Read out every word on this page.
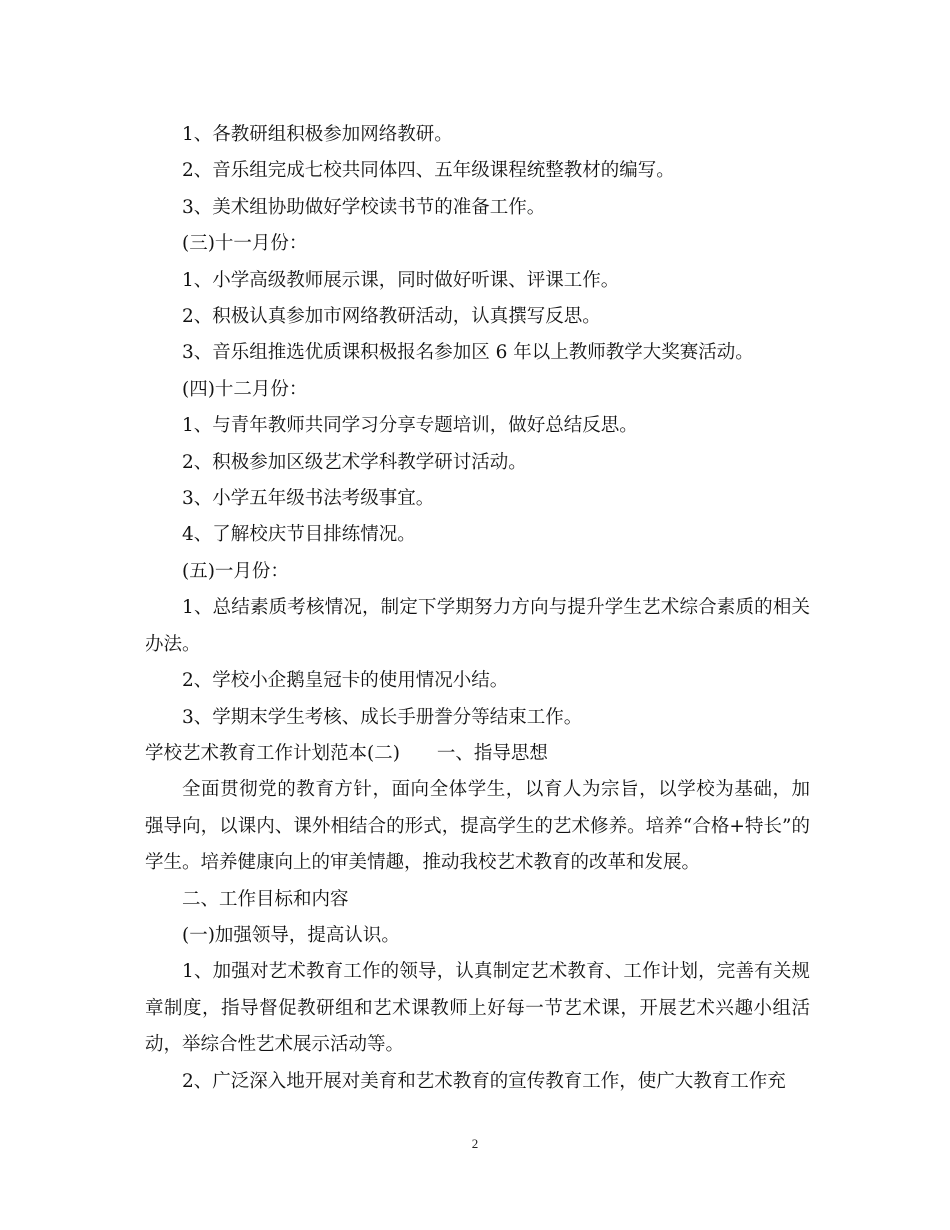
1、各教研组积极参加网络教研。

2、音乐组完成七校共同体四、五年级课程统整教材的编写。

3、美术组协助做好学校读书节的准备工作。

(三)十一月份：

1、小学高级教师展示课，同时做好听课、评课工作。

2、积极认真参加市网络教研活动，认真撰写反思。

3、音乐组推选优质课积极报名参加区 6 年以上教师教学大奖赛活动。

(四)十二月份：

1、与青年教师共同学习分享专题培训，做好总结反思。

2、积极参加区级艺术学科教学研讨活动。

3、小学五年级书法考级事宜。

4、了解校庆节目排练情况。

(五)一月份：

1、总结素质考核情况，制定下学期努力方向与提升学生艺术综合素质的相关办法。

2、学校小企鹅皇冠卡的使用情况小结。

3、学期末学生考核、成长手册誊分等结束工作。

学校艺术教育工作计划范本(二)　　一、指导思想

全面贯彻党的教育方针，面向全体学生，以育人为宗旨，以学校为基础，加强导向，以课内、课外相结合的形式，提高学生的艺术修养。培养“合格+特长”的学生。培养健康向上的审美情趣，推动我校艺术教育的改革和发展。

二、工作目标和内容

(一)加强领导，提高认识。

1、加强对艺术教育工作的领导，认真制定艺术教育、工作计划，完善有关规章制度，指导督促教研组和艺术课教师上好每一节艺术课，开展艺术兴趣小组活动，举综合性艺术展示活动等。

2、广泛深入地开展对美育和艺术教育的宣传教育工作，使广大教育工作充

2
